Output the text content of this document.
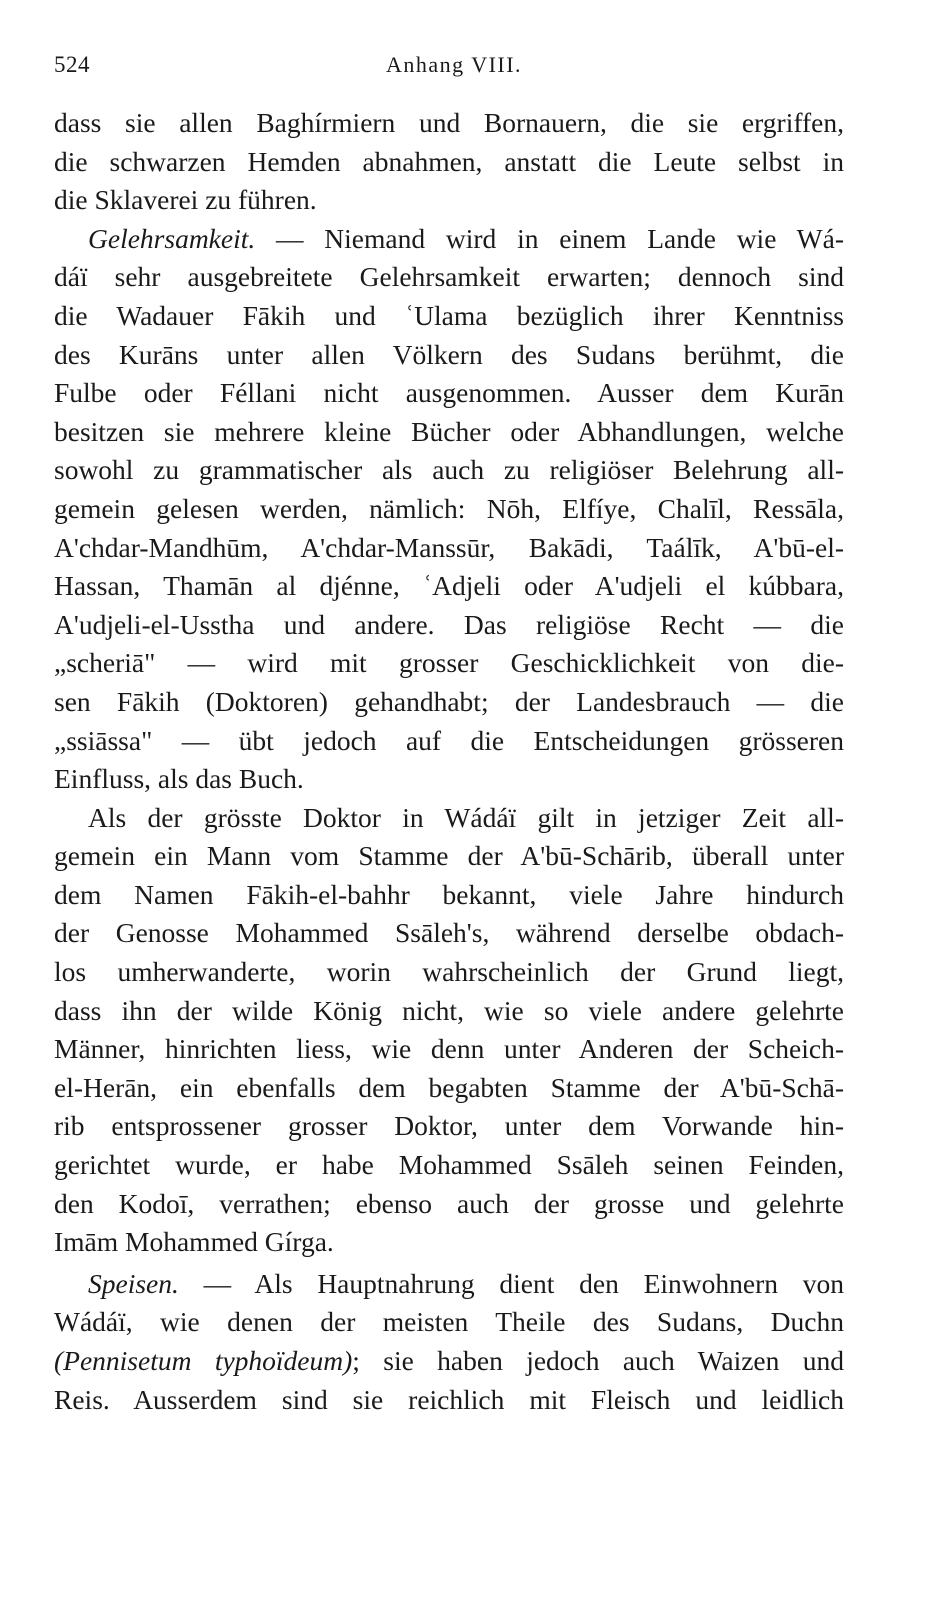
524	Anhang VIII.
dass sie allen Baghírmiern und Bornauern, die sie ergriffen,
die schwarzen Hemden abnahmen, anstatt die Leute selbst in
die Sklaverei zu führen.
Gelehrsamkeit. — Niemand wird in einem Lande wie Wá-
dáï sehr ausgebreitete Gelehrsamkeit erwarten; dennoch sind
die Wadauer Fākih und ʿUlama bezüglich ihrer Kenntniss
des Kurāns unter allen Völkern des Sudans berühmt, die
Fulbe oder Féllani nicht ausgenommen. Ausser dem Kurān
besitzen sie mehrere kleine Bücher oder Abhandlungen, welche
sowohl zu grammatischer als auch zu religiöser Belehrung all-
gemein gelesen werden, nämlich: Nōh, Elfíye, Chalīl, Ressāla,
A'chdar-Mandhūm, A'chdar-Manssūr, Bakādi, Taálīk, A'bū-el-
Hassan, Thamān al djénne, ʿAdjeli oder A'udjeli el kúbbara,
A'udjeli-el-Ussthа und andere. Das religiöse Recht — die
„scheriā" — wird mit grosser Geschicklichkeit von die-
sen Fākih (Doktoren) gehandhabt; der Landesbrauch — die
„ssiāssa" — übt jedoch auf die Entscheidungen grösseren
Einfluss, als das Buch.
Als der grösste Doktor in Wádáï gilt in jetziger Zeit all-
gemein ein Mann vom Stamme der A'bū-Schārib, überall unter
dem Namen Fākih-el-bahhr bekannt, viele Jahre hindurch
der Genosse Mohammed Ssāleh's, während derselbe obdach-
los umherwanderte, worin wahrscheinlich der Grund liegt,
dass ihn der wilde König nicht, wie so viele andere gelehrte
Männer, hinrichten liess, wie denn unter Anderen der Scheich-
el-Herān, ein ebenfalls dem begabten Stamme der A'bū-Schā-
rib entsprossener grosser Doktor, unter dem Vorwande hin-
gerichtet wurde, er habe Mohammed Ssāleh seinen Feinden,
den Kodoī, verrathen; ebenso auch der grosse und gelehrte
Imām Mohammed Gírga.
Speisen. — Als Hauptnahrung dient den Einwohnern von
Wádáï, wie denen der meisten Theile des Sudans, Duchn
(Pennisetum typhoïdeum); sie haben jedoch auch Waizen und
Reis. Ausserdem sind sie reichlich mit Fleisch und leidlich
